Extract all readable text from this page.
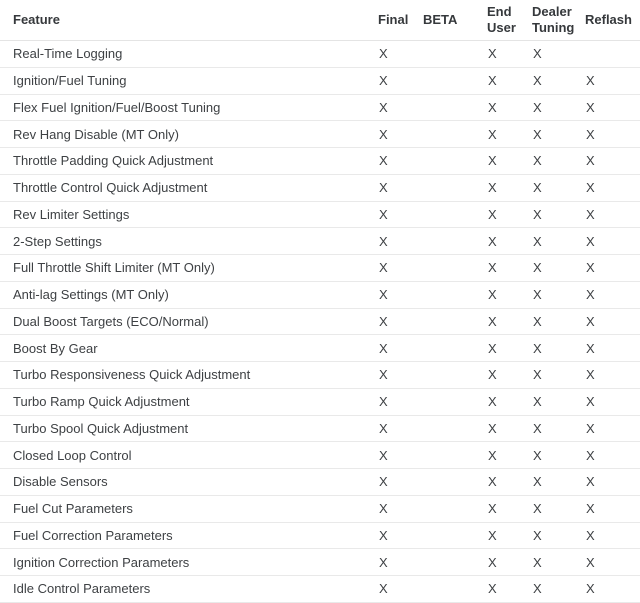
Feature	Final	BETA	End User	Dealer Tuning	Reflash
Real-Time Logging	X		X	X	
Ignition/Fuel Tuning	X		X	X	X
Flex Fuel Ignition/Fuel/Boost Tuning	X		X	X	X
Rev Hang Disable (MT Only)	X		X	X	X
Throttle Padding Quick Adjustment	X		X	X	X
Throttle Control Quick Adjustment	X		X	X	X
Rev Limiter Settings	X		X	X	X
2-Step Settings	X		X	X	X
Full Throttle Shift Limiter (MT Only)	X		X	X	X
Anti-lag Settings (MT Only)	X		X	X	X
Dual Boost Targets (ECO/Normal)	X		X	X	X
Boost By Gear	X		X	X	X
Turbo Responsiveness Quick Adjustment	X		X	X	X
Turbo Ramp Quick Adjustment	X		X	X	X
Turbo Spool Quick Adjustment	X		X	X	X
Closed Loop Control	X		X	X	X
Disable Sensors	X		X	X	X
Fuel Cut Parameters	X		X	X	X
Fuel Correction Parameters	X		X	X	X
Ignition Correction Parameters	X		X	X	X
Idle Control Parameters	X		X	X	X
